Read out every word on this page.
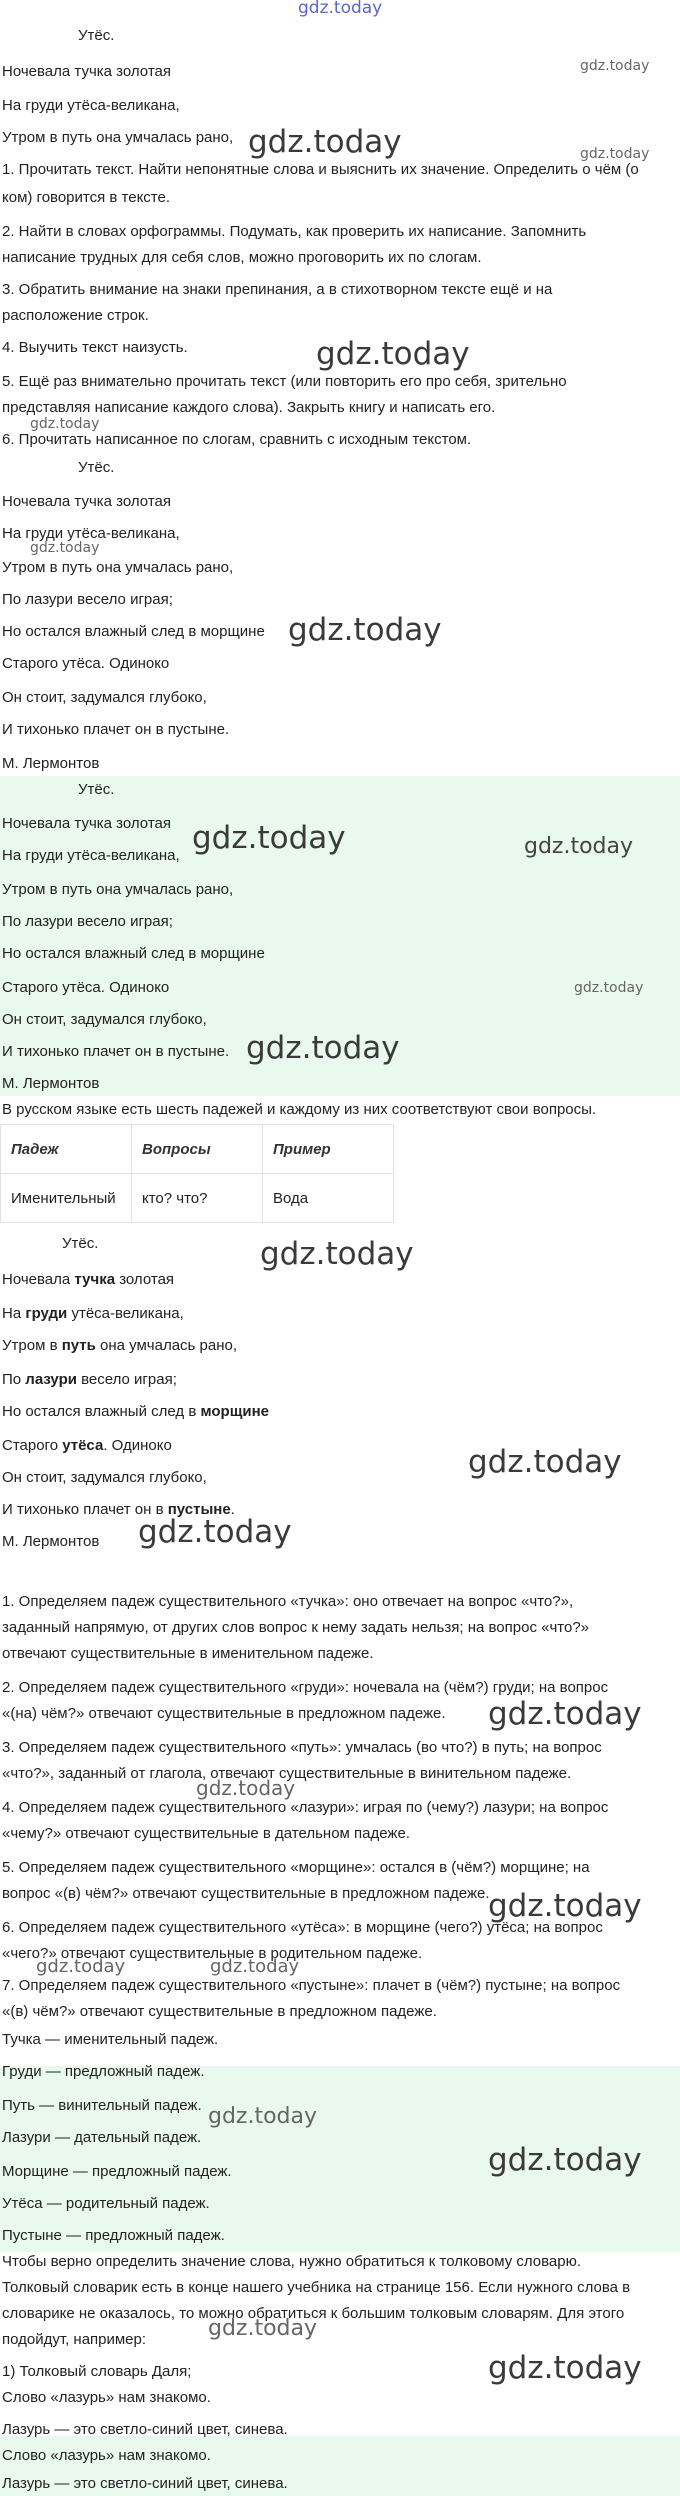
gdz.today
gdz.today
gdz.today	gdz.today
gdz.today
gdz.today
gdz.today
gdz.today
gdz.today	gdz.today
gdz.today
gdz.today
gdz.today
gdz.today
gdz.today
gdz.today
gdz.today
gdz.today
gdz.today	gdz.today
gdz.today
gdz.today
gdz.today
gdz.today
Утёс.
Ночевала тучка золотая
На груди утёса-великана,
Утром в путь она умчалась рано,
1. Прочитать текст. Найти непонятные слова и выяснить их значение. Определить о чём (о
ком) говорится в тексте.
2. Найти в словах орфограммы. Подумать, как проверить их написание. Запомнить
написание трудных для себя слов, можно проговорить их по слогам.
3. Обратить внимание на знаки препинания, а в стихотворном тексте ещё и на
расположение строк.
4. Выучить текст наизусть.
5. Ещё раз внимательно прочитать текст (или повторить его про себя, зрительно
представляя написание каждого слова). Закрыть книгу и написать его.
6. Прочитать написанное по слогам, сравнить с исходным текстом.
Утёс.
Ночевала тучка золотая
На груди утёса-великана,
Утром в путь она умчалась рано,
По лазури весело играя;
Но остался влажный след в морщине
Старого утёса. Одиноко
Он стоит, задумался глубоко,
И тихонько плачет он в пустыне.
М. Лермонтов
Утёс.
Ночевала тучка золотая
На груди утёса-великана,
Утром в путь она умчалась рано,
По лазури весело играя;
Но остался влажный след в морщине
Старого утёса. Одиноко
Он стоит, задумался глубоко,
И тихонько плачет он в пустыне.
М. Лермонтов
В русском языке есть шесть падежей и каждому из них соответствуют свои вопросы.
Падеж	Вопросы	Пример
Именительный	кто? что?	Вода
Утёс.
Ночевала тучка золотая
На груди утёса-великана,
Утром в путь она умчалась рано,
По лазури весело играя;
Но остался влажный след в морщине
Старого утёса. Одиноко
Он стоит, задумался глубоко,
И тихонько плачет он в пустыне.
М. Лермонтов
1. Определяем падеж существительного «тучка»: оно отвечает на вопрос «что?»,
заданный напрямую, от других слов вопрос к нему задать нельзя; на вопрос «что?»
отвечают существительные в именительном падеже.
2. Определяем падеж существительного «груди»: ночевала на (чём?) груди; на вопрос
«(на) чём?» отвечают существительные в предложном падеже.
3. Определяем падеж существительного «путь»: умчалась (во что?) в путь; на вопрос
«что?», заданный от глагола, отвечают существительные в винительном падеже.
4. Определяем падеж существительного «лазури»: играя по (чему?) лазури; на вопрос
«чему?» отвечают существительные в дательном падеже.
5. Определяем падеж существительного «морщине»: остался в (чём?) морщине; на
вопрос «(в) чём?» отвечают существительные в предложном падеже.
6. Определяем падеж существительного «утёса»: в морщине (чего?) утёса; на вопрос
«чего?» отвечают существительные в родительном падеже.
7. Определяем падеж существительного «пустыне»: плачет в (чём?) пустыне; на вопрос
«(в) чём?» отвечают существительные в предложном падеже.
Тучка — именительный падеж.
Груди — предложный падеж.
Путь — винительный падеж.
Лазури — дательный падеж.
Морщине — предложный падеж.
Утёса — родительный падеж.
Пустыне — предложный падеж.
Чтобы верно определить значение слова, нужно обратиться к толковому словарю.
Толковый словарик есть в конце нашего учебника на странице 156. Если нужного слова в
словарике не оказалось, то можно обратиться к большим толковым словарям. Для этого
подойдут, например:
1) Толковый словарь Даля;
Слово «лазурь» нам знакомо.
Лазурь — это светло-синий цвет, синева.
Слово «лазурь» нам знакомо.
Лазурь — это светло-синий цвет, синева.
